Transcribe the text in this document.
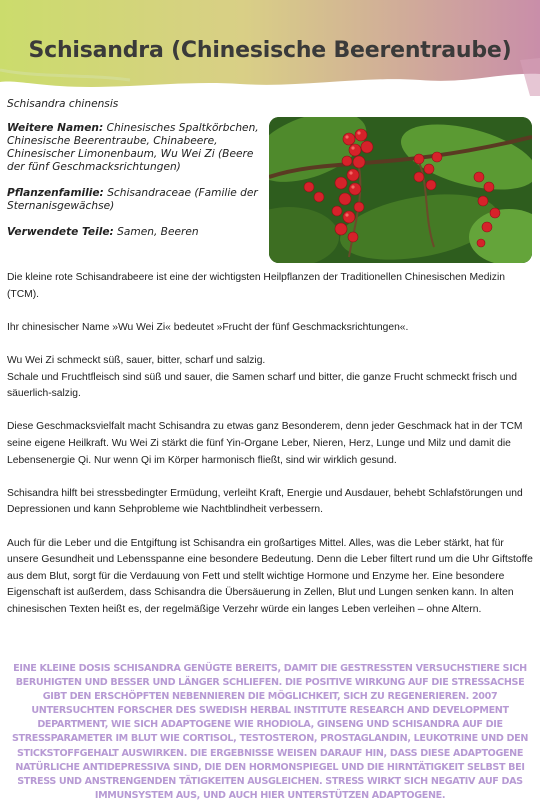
Schisandra (Chinesische Beerentraube)

Schisandra chinensis

Weitere Namen: Chinesisches Spaltkörbchen, Chinesische Beerentraube, Chinabeere, Chinesischer Limonenbaum, Wu Wei Zi (Beere der fünf Geschmacksrichtungen)

Pflanzenfamilie: Schisandraceae (Familie der Sternanisgewächse)

Verwendete Teile: Samen, Beeren

Die kleine rote Schisandrabeere ist eine der wichtigsten Heilpflanzen der Traditionellen Chinesischen Medizin (TCM).

Ihr chinesischer Name »Wu Wei Zi« bedeutet »Frucht der fünf Geschmacksrichtungen«.

Wu Wei Zi schmeckt süß, sauer, bitter, scharf und salzig.
Schale und Fruchtfleisch sind süß und sauer, die Samen scharf und bitter, die ganze Frucht schmeckt frisch und säuerlich-salzig.

Diese Geschmacksvielfalt macht Schisandra zu etwas ganz Besonderem, denn jeder Geschmack hat in der TCM seine eigene Heilkraft. Wu Wei Zi stärkt die fünf Yin-Organe Leber, Nieren, Herz, Lunge und Milz und damit die Lebensenergie Qi. Nur wenn Qi im Körper harmonisch fließt, sind wir wirklich gesund.

Schisandra hilft bei stressbedingter Ermüdung, verleiht Kraft, Energie und Ausdauer, behebt Schlafstörungen und Depressionen und kann Sehprobleme wie Nachtblindheit verbessern.

Auch für die Leber und die Entgiftung ist Schisandra ein großartiges Mittel. Alles, was die Leber stärkt, hat für unsere Gesundheit und Lebensspanne eine besondere Bedeutung. Denn die Leber filtert rund um die Uhr Giftstoffe aus dem Blut, sorgt für die Verdauung von Fett und stellt wichtige Hormone und Enzyme her. Eine besondere Eigenschaft ist außerdem, dass Schisandra die Übersäuerung in Zellen, Blut und Lungen senken kann. In alten chinesischen Texten heißt es, der regelmäßige Verzehr würde ein langes Leben verleihen – ohne Altern.

EINE KLEINE DOSIS SCHISANDRA GENÜGTE BEREITS, DAMIT DIE GESTRESSTEN VERSUCHSTIERE SICH BERUHIGTEN UND BESSER UND LÄNGER SCHLIEFEN. DIE POSITIVE WIRKUNG AUF DIE STRESSACHSE GIBT DEN ERSCHÖPFTEN NEBENNIEREN DIE MÖGLICHKEIT, SICH ZU REGENERIEREN. 2007 UNTERSUCHTEN FORSCHER DES SWEDISH HERBAL INSTITUTE RESEARCH AND DEVELOPMENT DEPARTMENT, WIE SICH ADAPTOGENE WIE RHODIOLA, GINSENG UND SCHISANDRA AUF DIE STRESSPARAMETER IM BLUT WIE CORTISOL, TESTOSTERON, PROSTAGLANDIN, LEUKOTRINE UND DEN STICKSTOFFGEHALT AUSWIRKEN. DIE ERGEBNISSE WEISEN DARAUF HIN, DASS DIESE ADAPTOGENE NATÜRLICHE ANTIDEPRESSIVA SIND, DIE DEN HORMONSPIEGEL UND DIE HIRNTÄTIGKEIT SELBST BEI STRESS UND ANSTRENGENDEN TÄTIGKEITEN AUSGLEICHEN. STRESS WIRKT SICH NEGATIV AUF DAS IMMUNSYSTEM AUS, UND AUCH HIER UNTERSTÜTZEN ADAPTOGENE.
